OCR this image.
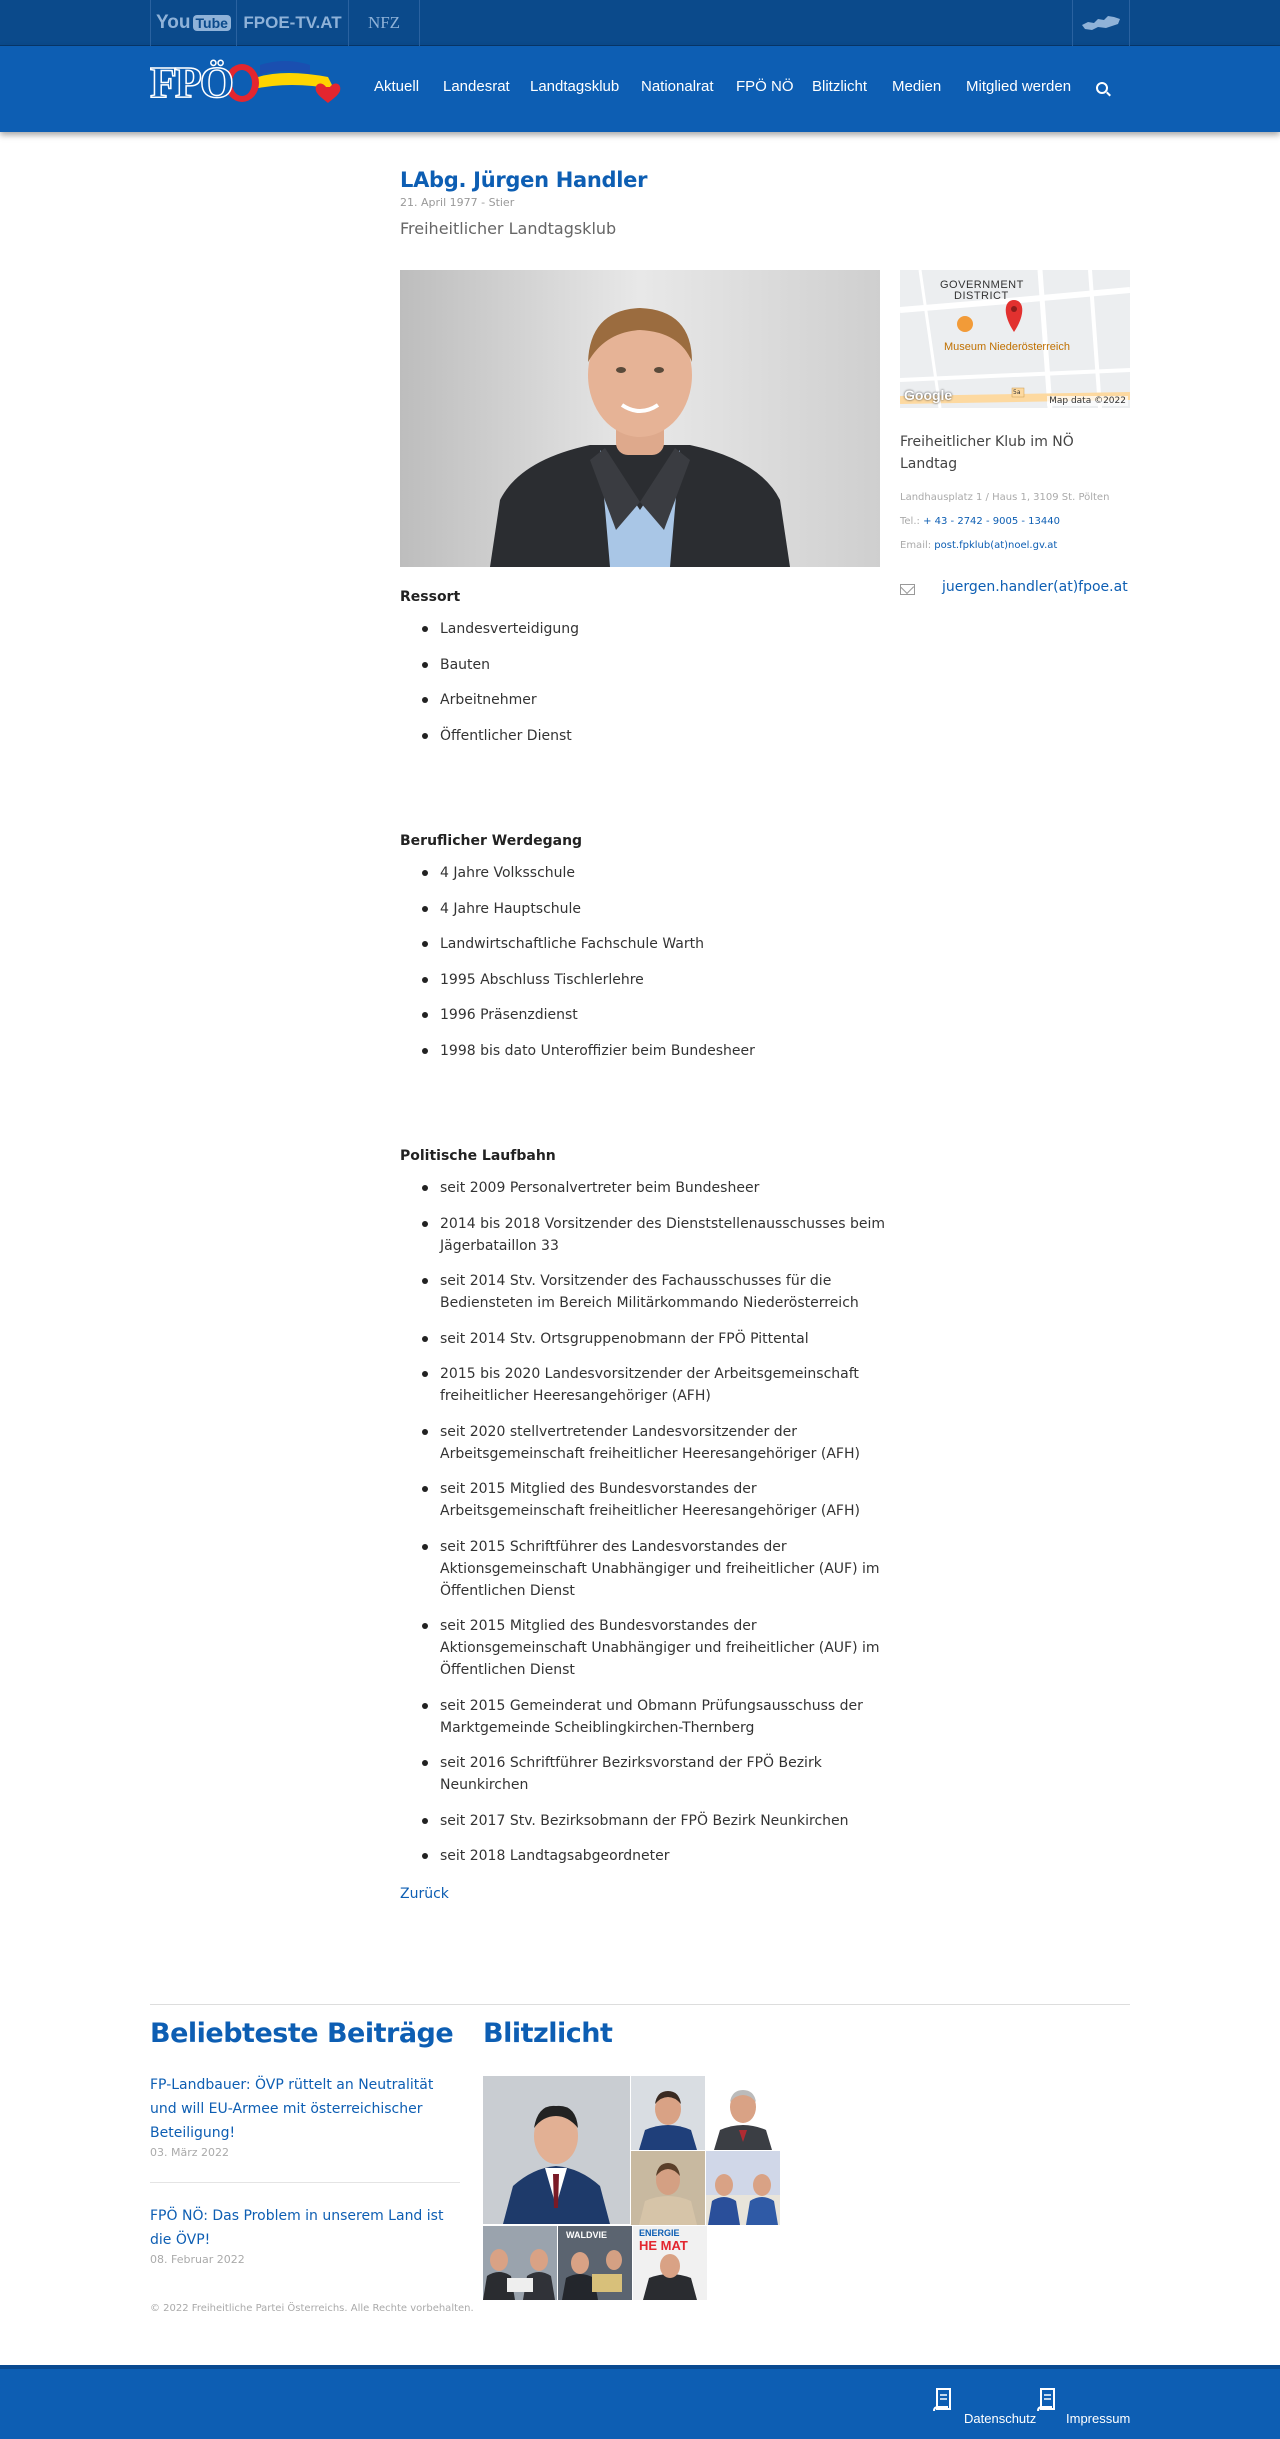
You Tube FPOE-TV.AT	NFZ
FPÖ	Aktuell Landesrat Landtagsklub Nationalrat FPÖ NÖ Blitzlicht Medien Mitglied werden
LAbg. Jürgen Handler
21. April 1977 - Stier
Freiheitlicher Landtagsklub
GOVERNMENT
DISTRICT
Museum Niederösterreich
5a
Google	Map data ©2022
Freiheitlicher Klub im NÖ Landtag
Landhausplatz 1 / Haus 1, 3109 St. Pölten
Tel.: + 43 - 2742 - 9005 - 13440
Email: post.fpklub(at)noel.gv.at
juergen.handler(at)fpoe.at
Ressort
Landesverteidigung
Bauten
Arbeitnehmer
Öffentlicher Dienst
Beruflicher Werdegang
4 Jahre Volksschule
4 Jahre Hauptschule
Landwirtschaftliche Fachschule Warth
1995 Abschluss Tischlerlehre
1996 Präsenzdienst
1998 bis dato Unteroffizier beim Bundesheer
Politische Laufbahn
seit 2009 Personalvertreter beim Bundesheer
2014 bis 2018 Vorsitzender des Dienststellenausschusses beim Jägerbataillon 33
seit 2014 Stv. Vorsitzender des Fachausschusses für die Bediensteten im Bereich Militärkommando Niederösterreich
seit 2014 Stv. Ortsgruppenobmann der FPÖ Pittental
2015 bis 2020 Landesvorsitzender der Arbeitsgemeinschaft freiheitlicher Heeresangehöriger (AFH)
seit 2020 stellvertretender Landesvorsitzender der Arbeitsgemeinschaft freiheitlicher Heeresangehöriger (AFH)
seit 2015 Mitglied des Bundesvorstandes der Arbeitsgemeinschaft freiheitlicher Heeresangehöriger (AFH)
seit 2015 Schriftführer des Landesvorstandes der Aktionsgemeinschaft Unabhängiger und freiheitlicher (AUF) im Öffentlichen Dienst
seit 2015 Mitglied des Bundesvorstandes der Aktionsgemeinschaft Unabhängiger und freiheitlicher (AUF) im Öffentlichen Dienst
seit 2015 Gemeinderat und Obmann Prüfungsausschuss der Marktgemeinde Scheiblingkirchen-Thernberg
seit 2016 Schriftführer Bezirksvorstand der FPÖ Bezirk Neunkirchen
seit 2017 Stv. Bezirksobmann der FPÖ Bezirk Neunkirchen
seit 2018 Landtagsabgeordneter
Zurück
Beliebteste Beiträge
FP-Landbauer: ÖVP rüttelt an Neutralität und will EU-Armee mit österreichischer Beteiligung!
03. März 2022
FPÖ NÖ: Das Problem in unserem Land ist die ÖVP!
08. Februar 2022
Blitzlicht
WALDVIE	ENERGIE
HE MAT
© 2022 Freiheitliche Partei Österreichs. Alle Rechte vorbehalten.
Datenschutz Impressum
